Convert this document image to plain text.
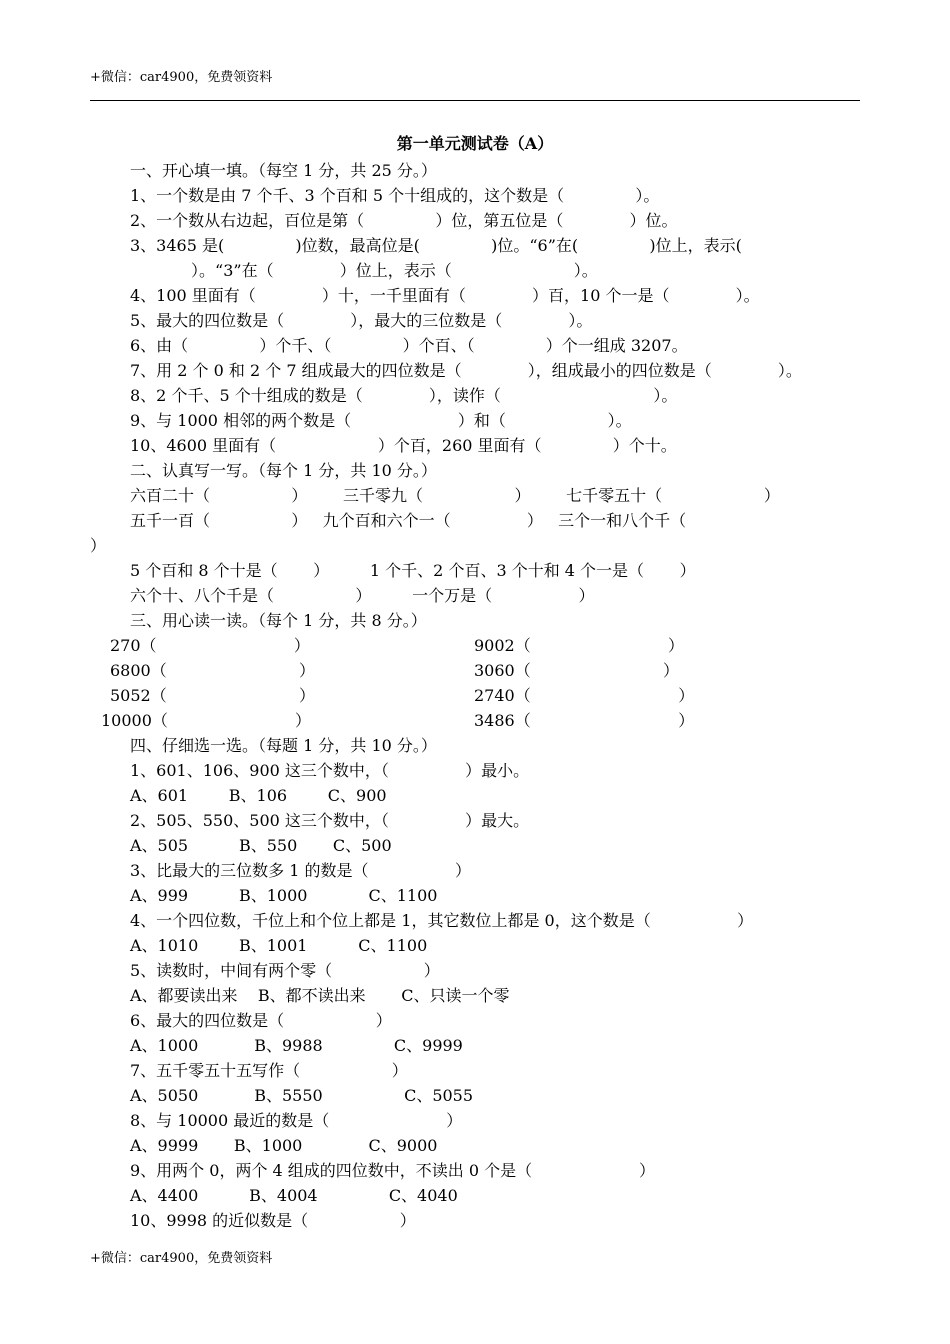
+微信：car4900，免费领资料
第一单元测试卷（A）
一、开心填一填。（每空 1 分，共 25 分。）
1、一个数是由 7 个千、3 个百和 5 个十组成的，这个数是（              ）。
2、一个数从右边起，百位是第（              ）位，第五位是（             ）位。
3、3465 是(              )位数，最高位是(              )位。“6”在(              )位上，表示(
）。“3”在（             ）位上，表示（                        ）。
4、100 里面有（             ）十，一千里面有（             ）百，10 个一是（             ）。
5、最大的四位数是（             ），最大的三位数是（             ）。
6、由（              ）个千、（              ）个百、（              ）个一组成 3207。
7、用 2 个 0 和 2 个 7 组成最大的四位数是（             ），组成最小的四位数是（             ）。
8、2 个千、5 个十组成的数是（             ），读作（                              ）。
9、与 1000 相邻的两个数是（                     ）和（                    ）。
10、4600 里面有（                    ）个百，260 里面有（              ）个十。
二、认真写一写。（每个 1 分，共 10 分。）
六百二十（                ）       三千零九（                  ）       七千零五十（                    ）
五千一百（                ）   九个百和六个一（               ）   三个一和八个千（
）
5 个百和 8 个十是（       ）        1 个千、2 个百、3 个十和 4 个一是（       ）
六个十、八个千是（                ）        一个万是（                 ）
三、用心读一读。（每个 1 分，共 8 分。）
270（                           ）	9002（                           ）
6800（                          ）	3060（                          ）
5052（                          ）	2740（                             ）
10000（                         ）	3486（                             ）
四、仔细选一选。（每题 1 分，共 10 分。）
1、601、106、900 这三个数中，（               ）最小。
A、601        B、106        C、900
2、505、550、500 这三个数中，（               ）最大。
A、505          B、550       C、500
3、比最大的三位数多 1 的数是（                 ）
A、999          B、1000            C、1100
4、一个四位数，千位上和个位上都是 1，其它数位上都是 0，这个数是（                 ）
A、1010        B、1001          C、1100
5、读数时，中间有两个零（                  ）
A、都要读出来    B、都不读出来       C、只读一个零
6、最大的四位数是（                  ）
A、1000           B、9988              C、9999
7、五千零五十五写作（                  ）
A、5050           B、5550                C、5055
8、与 10000 最近的数是（                       ）
A、9999       B、1000             C、9000
9、用两个 0，两个 4 组成的四位数中，不读出 0 个是（                     ）
A、4400          B、4004              C、4040
10、9998 的近似数是（                  ）
+微信：car4900，免费领资料
